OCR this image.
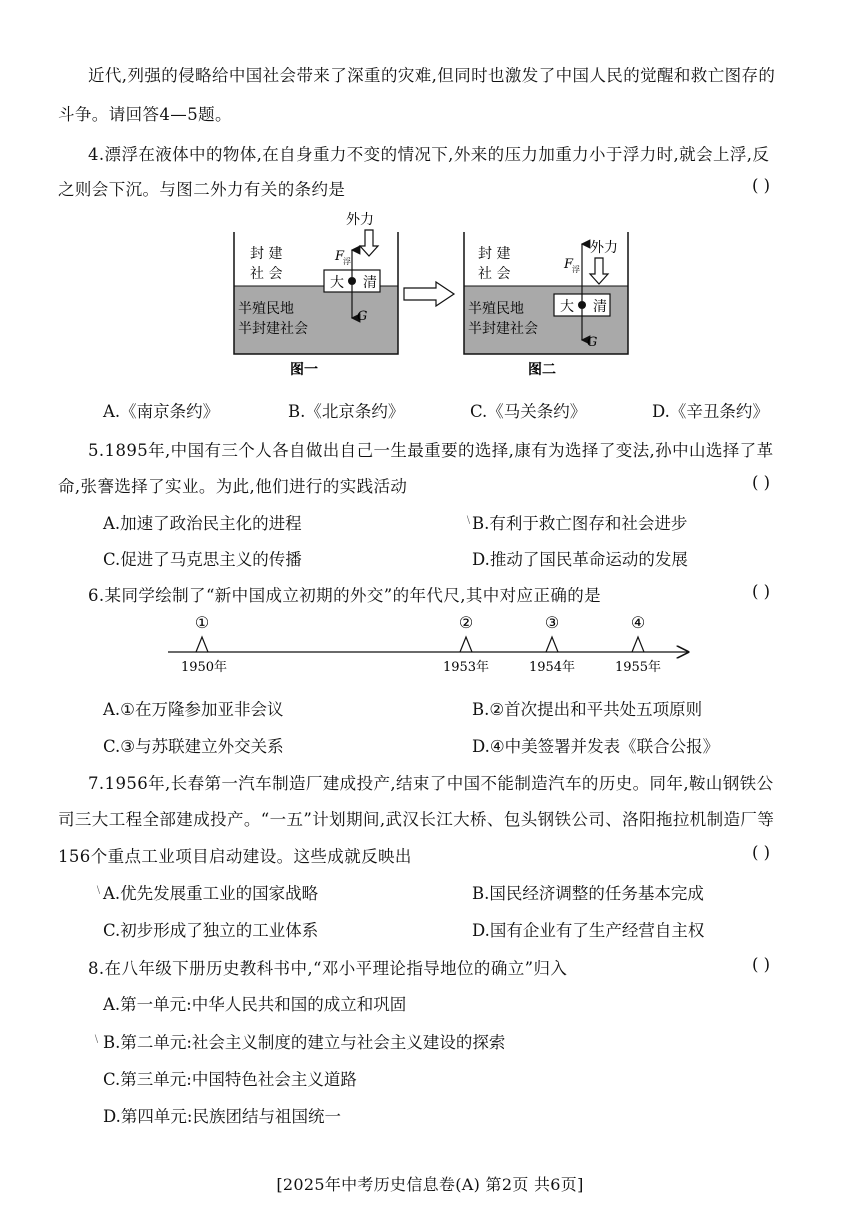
近代,列强的侵略给中国社会带来了深重的灾难,但同时也激发了中国人民的觉醒和救亡图存的
斗争。请回答4—5题。
4.漂浮在液体中的物体,在自身重力不变的情况下,外来的压力加重力小于浮力时,就会上浮,反
之则会下沉。与图二外力有关的条约是	( )
封 建
社 会
半殖民地
半封建社会
大 清
F
浮
G
外力
图一
封 建
社 会
半殖民地
半封建社会
大 清
F
浮
G
外力
图二
A.《南京条约》	B.《北京条约》	C.《马关条约》	D.《辛丑条约》
5.1895年,中国有三个人各自做出自己一生最重要的选择,康有为选择了变法,孙中山选择了革
命,张謇选择了实业。为此,他们进行的实践活动	( )
A.加速了政治民主化的进程	﹨
B.有利于救亡图存和社会进步
C.促进了马克思主义的传播	D.推动了国民革命运动的发展
6.某同学绘制了“新中国成立初期的外交”的年代尺,其中对应正确的是	( )
①
1950年
②
1953年
③
1954年
④
1955年
A.①在万隆参加亚非会议	B.②首次提出和平共处五项原则
C.③与苏联建立外交关系	D.④中美签署并发表《联合公报》
7.1956年,长春第一汽车制造厂建成投产,结束了中国不能制造汽车的历史。同年,鞍山钢铁公
司三大工程全部建成投产。“一五”计划期间,武汉长江大桥、包头钢铁公司、洛阳拖拉机制造厂等
156个重点工业项目启动建设。这些成就反映出	( )
﹨
A.优先发展重工业的国家战略	B.国民经济调整的任务基本完成
C.初步形成了独立的工业体系	D.国有企业有了生产经营自主权
8.在八年级下册历史教科书中,“邓小平理论指导地位的确立”归入	( )
A.第一单元:中华人民共和国的成立和巩固
﹨ B.第二单元:社会主义制度的建立与社会主义建设的探索
C.第三单元:中国特色社会主义道路
D.第四单元:民族团结与祖国统一
[2025年中考历史信息卷(A) 第2页 共6页]
